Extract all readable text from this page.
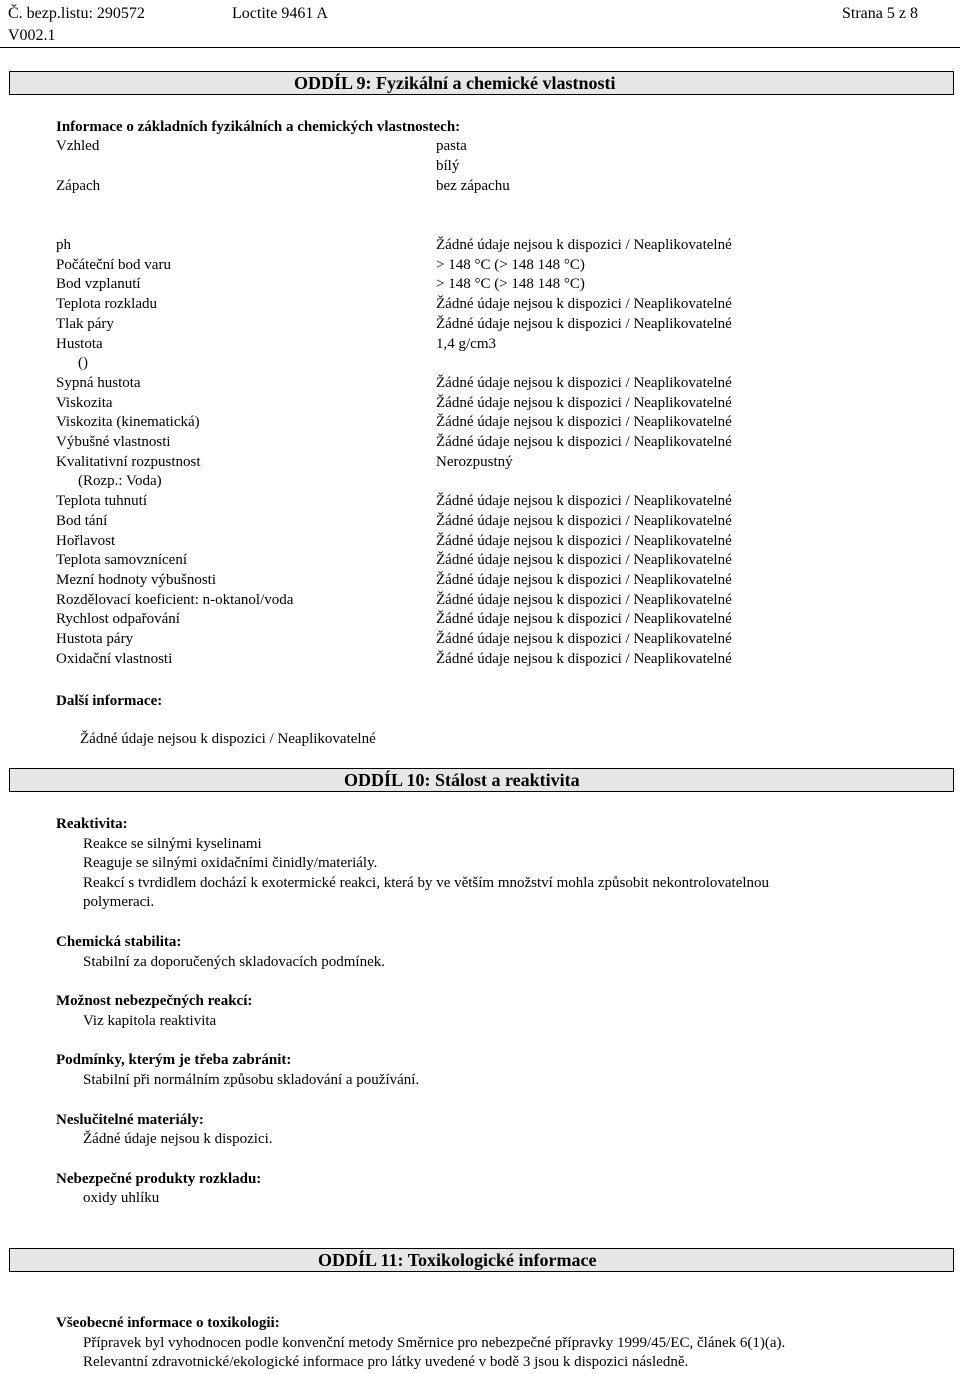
Č. bezp.listu: 290572	Loctite 9461 A	Strana 5 z 8
V002.1
ODDÍL 9: Fyzikální a chemické vlastnosti
Informace o základních fyzikálních a chemických vlastnostech:
Vzhled	pasta
bílý
Zápach	bez zápachu
ph	Žádné údaje nejsou k dispozici / Neaplikovatelné
Počáteční bod varu	> 148 °C (> 148 148 °C)
Bod vzplanutí	> 148 °C (> 148 148 °C)
Teplota rozkladu	Žádné údaje nejsou k dispozici / Neaplikovatelné
Tlak páry	Žádné údaje nejsou k dispozici / Neaplikovatelné
Hustota	1,4 g/cm3
()
Sypná hustota	Žádné údaje nejsou k dispozici / Neaplikovatelné
Viskozita	Žádné údaje nejsou k dispozici / Neaplikovatelné
Viskozita (kinematická)	Žádné údaje nejsou k dispozici / Neaplikovatelné
Výbušné vlastnosti	Žádné údaje nejsou k dispozici / Neaplikovatelné
Kvalitativní rozpustnost	Nerozpustný
(Rozp.: Voda)
Teplota tuhnutí	Žádné údaje nejsou k dispozici / Neaplikovatelné
Bod tání	Žádné údaje nejsou k dispozici / Neaplikovatelné
Hořlavost	Žádné údaje nejsou k dispozici / Neaplikovatelné
Teplota samovznícení	Žádné údaje nejsou k dispozici / Neaplikovatelné
Mezní hodnoty výbušnosti	Žádné údaje nejsou k dispozici / Neaplikovatelné
Rozdělovací koeficient: n-oktanol/voda	Žádné údaje nejsou k dispozici / Neaplikovatelné
Rychlost odpařování	Žádné údaje nejsou k dispozici / Neaplikovatelné
Hustota páry	Žádné údaje nejsou k dispozici / Neaplikovatelné
Oxidační vlastnosti	Žádné údaje nejsou k dispozici / Neaplikovatelné
Další informace:
Žádné údaje nejsou k dispozici / Neaplikovatelné
ODDÍL 10: Stálost a reaktivita
Reaktivita:
Reakce se silnými kyselinami
Reaguje se silnými oxidačními činidly/materiály.
Reakcí s tvrdidlem dochází k exotermické reakci, která by ve větším množství mohla způsobit nekontrolovatelnou
polymeraci.
Chemická stabilita:
Stabilní za doporučených skladovacích podmínek.
Možnost nebezpečných reakcí:
Viz kapitola reaktivita
Podmínky, kterým je třeba zabránit:
Stabilní při normálním způsobu skladování a používání.
Neslučitelné materiály:
Žádné údaje nejsou k dispozici.
Nebezpečné produkty rozkladu:
oxidy uhlíku
ODDÍL 11: Toxikologické informace
Všeobecné informace o toxikologii:
Přípravek byl vyhodnocen podle konvenční metody Směrnice pro nebezpečné přípravky 1999/45/EC, článek 6(1)(a).
Relevantní zdravotnické/ekologické informace pro látky uvedené v bodě 3 jsou k dispozici následně.
